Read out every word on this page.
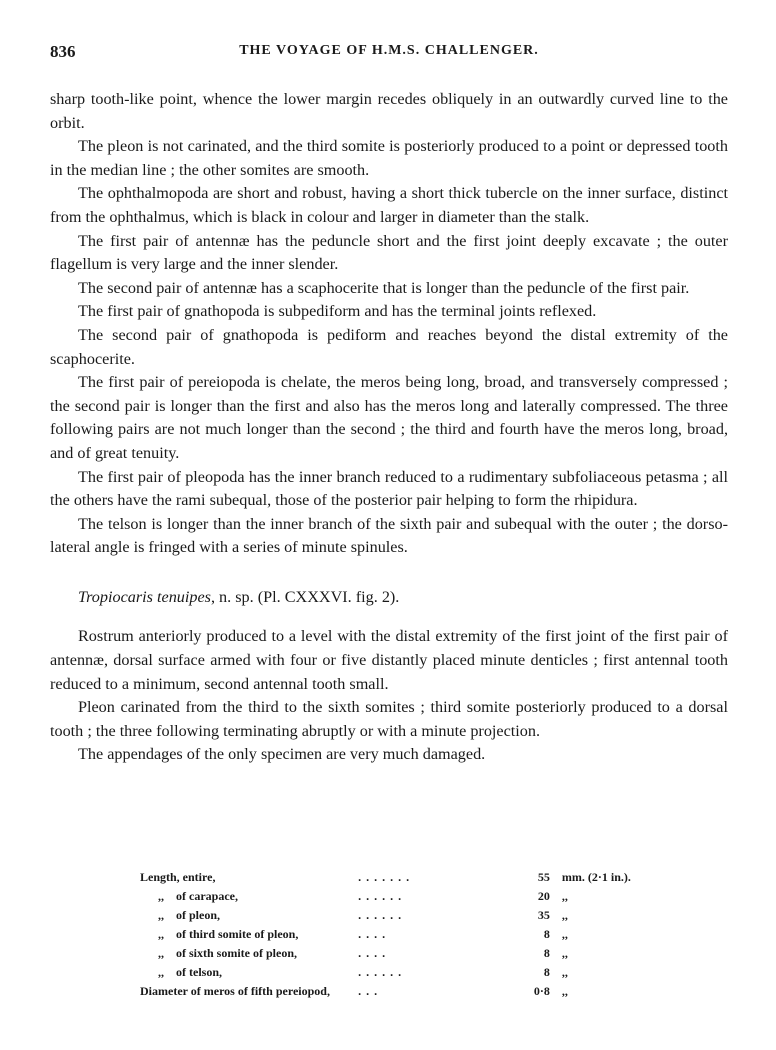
836	THE VOYAGE OF H.M.S. CHALLENGER.

sharp tooth-like point, whence the lower margin recedes obliquely in an outwardly curved line to the orbit.

The pleon is not carinated, and the third somite is posteriorly produced to a point or depressed tooth in the median line ; the other somites are smooth.

The ophthalmopoda are short and robust, having a short thick tubercle on the inner surface, distinct from the ophthalmus, which is black in colour and larger in diameter than the stalk.

The first pair of antennæ has the peduncle short and the first joint deeply excavate ; the outer flagellum is very large and the inner slender.

The second pair of antennæ has a scaphocerite that is longer than the peduncle of the first pair.

The first pair of gnathopoda is subpediform and has the terminal joints reflexed.

The second pair of gnathopoda is pediform and reaches beyond the distal extremity of the scaphocerite.

The first pair of pereiopoda is chelate, the meros being long, broad, and transversely compressed ; the second pair is longer than the first and also has the meros long and laterally compressed. The three following pairs are not much longer than the second ; the third and fourth have the meros long, broad, and of great tenuity.

The first pair of pleopoda has the inner branch reduced to a rudimentary subfoliaceous petasma ; all the others have the rami subequal, those of the posterior pair helping to form the rhipidura.

The telson is longer than the inner branch of the sixth pair and subequal with the outer ; the dorso-lateral angle is fringed with a series of minute spinules.

Tropiocaris tenuipes, n. sp. (Pl. CXXXVI. fig. 2).

Rostrum anteriorly produced to a level with the distal extremity of the first joint of the first pair of antennæ, dorsal surface armed with four or five distantly placed minute denticles ; first antennal tooth reduced to a minimum, second antennal tooth small.

Pleon carinated from the third to the sixth somites ; third somite posteriorly produced to a dorsal tooth ; the three following terminating abruptly or with a minute projection.

The appendages of the only specimen are very much damaged.

Length, entire,	. . . . . . .	55	mm. (2·1 in.).
,, of carapace,	. . . . . .	20	,,
,, of pleon,	. . . . . .	35	,,
,, of third somite of pleon,	. . . .	8	,,
,, of sixth somite of pleon,	. . . .	8	,,
,, of telson,	. . . . . .	8	,,
Diameter of meros of fifth pereiopod,	. . .	0·8	,,
